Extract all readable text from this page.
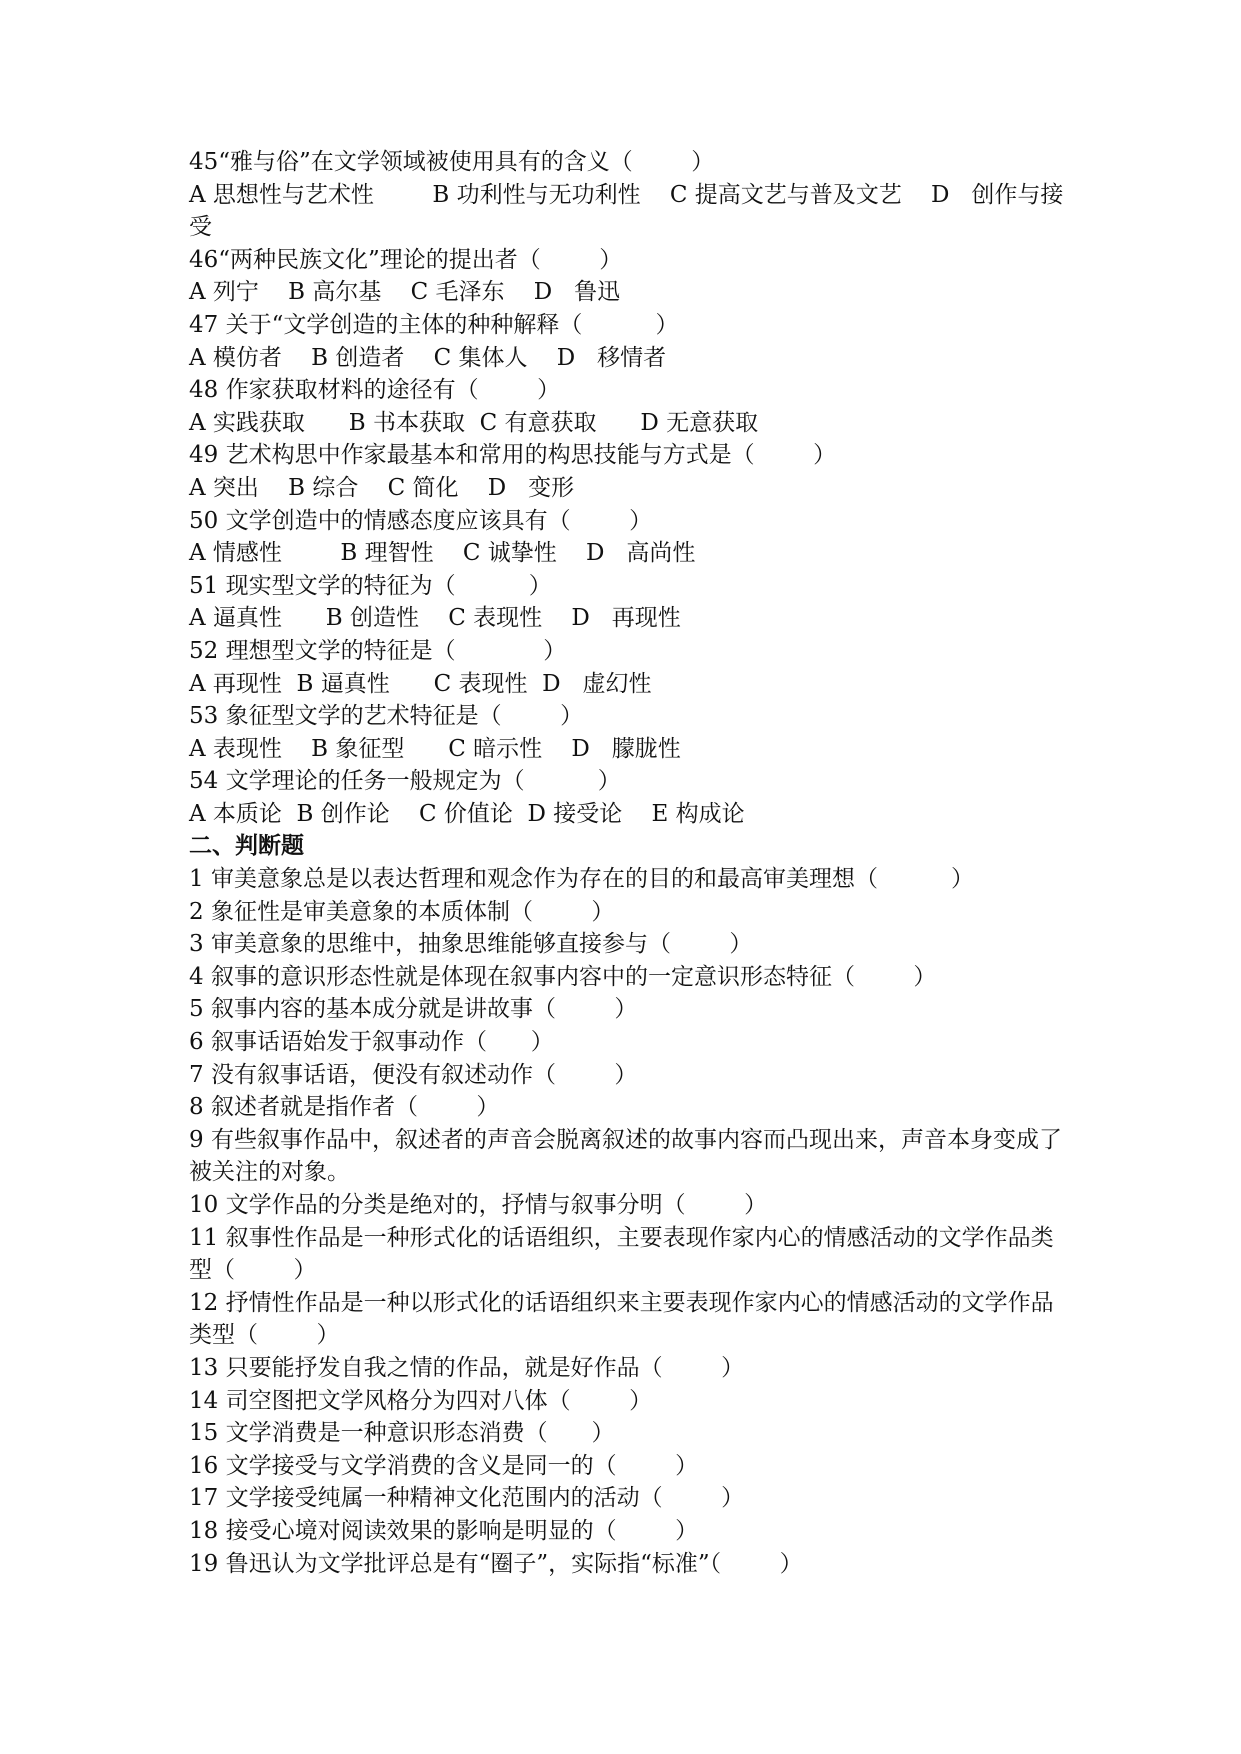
45“雅与俗”在文学领域被使用具有的含义（        ）
A 思想性与艺术性        B 功利性与无功利性    C 提高文艺与普及文艺    D   创作与接受
46“两种民族文化”理论的提出者（        ）
A 列宁    B 高尔基    C 毛泽东    D   鲁迅
47 关于“文学创造的主体的种种解释（          ）
A 模仿者    B 创造者    C 集体人    D   移情者
48 作家获取材料的途径有（        ）
A 实践获取      B 书本获取  C 有意获取      D 无意获取
49 艺术构思中作家最基本和常用的构思技能与方式是（        ）
A 突出    B 综合    C 简化    D   变形
50 文学创造中的情感态度应该具有（        ）
A 情感性        B 理智性    C 诚挚性    D   高尚性
51 现实型文学的特征为（          ）
A 逼真性      B 创造性    C 表现性    D   再现性
52 理想型文学的特征是（            ）
A 再现性  B 逼真性      C 表现性  D   虚幻性
53 象征型文学的艺术特征是（        ）
A 表现性    B 象征型      C 暗示性    D   朦胧性
54 文学理论的任务一般规定为（          ）
A 本质论  B 创作论    C 价值论  D 接受论    E 构成论
二、判断题
1 审美意象总是以表达哲理和观念作为存在的目的和最高审美理想（          ）
2 象征性是审美意象的本质体制（        ）
3 审美意象的思维中，抽象思维能够直接参与（        ）
4 叙事的意识形态性就是体现在叙事内容中的一定意识形态特征（        ）
5 叙事内容的基本成分就是讲故事（        ）
6 叙事话语始发于叙事动作（      ）
7 没有叙事话语，便没有叙述动作（        ）
8 叙述者就是指作者（        ）
9 有些叙事作品中，叙述者的声音会脱离叙述的故事内容而凸现出来，声音本身变成了被关注的对象。
10 文学作品的分类是绝对的，抒情与叙事分明（        ）
11 叙事性作品是一种形式化的话语组织，主要表现作家内心的情感活动的文学作品类型（        ）
12 抒情性作品是一种以形式化的话语组织来主要表现作家内心的情感活动的文学作品类型（        ）
13 只要能抒发自我之情的作品，就是好作品（        ）
14 司空图把文学风格分为四对八体（        ）
15 文学消费是一种意识形态消费（      ）
16 文学接受与文学消费的含义是同一的（        ）
17 文学接受纯属一种精神文化范围内的活动（        ）
18 接受心境对阅读效果的影响是明显的（        ）
19 鲁迅认为文学批评总是有“圈子”，实际指“标准”（        ）
